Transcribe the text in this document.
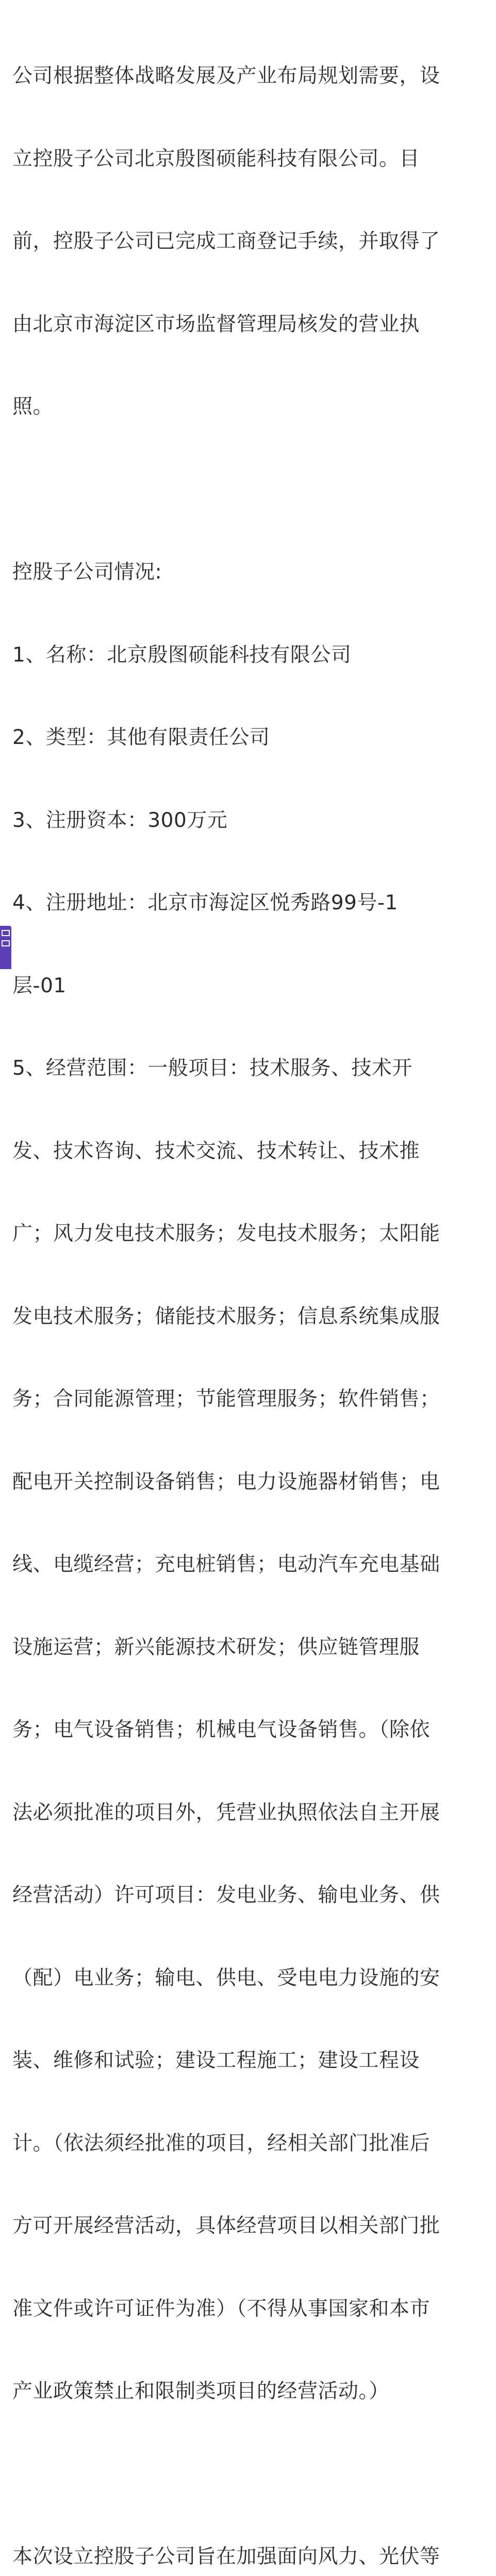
公司根据整体战略发展及产业布局规划需要，设

立控股子公司北京殷图硕能科技有限公司。目

前，控股子公司已完成工商登记手续，并取得了

由北京市海淀区市场监督管理局核发的营业执

照。

控股子公司情况:

1、名称：北京殷图硕能科技有限公司

2、类型：其他有限责任公司

3、注册资本：300万元

4、注册地址：北京市海淀区悦秀路99号-1

层-01

5、经营范围：一般项目：技术服务、技术开

发、技术咨询、技术交流、技术转让、技术推

广；风力发电技术服务；发电技术服务；太阳能

发电技术服务；储能技术服务；信息系统集成服

务；合同能源管理；节能管理服务；软件销售；

配电开关控制设备销售；电力设施器材销售；电

线、电缆经营；充电桩销售；电动汽车充电基础

设施运营；新兴能源技术研发；供应链管理服

务；电气设备销售；机械电气设备销售。（除依

法必须批准的项目外，凭营业执照依法自主开展

经营活动）许可项目：发电业务、输电业务、供

（配）电业务；输电、供电、受电电力设施的安

装、维修和试验；建设工程施工；建设工程设

计。（依法须经批准的项目，经相关部门批准后

方可开展经营活动，具体经营项目以相关部门批

准文件或许可证件为准）（不得从事国家和本市

产业政策禁止和限制类项目的经营活动。）

本次设立控股子公司旨在加强面向风力、光伏等
